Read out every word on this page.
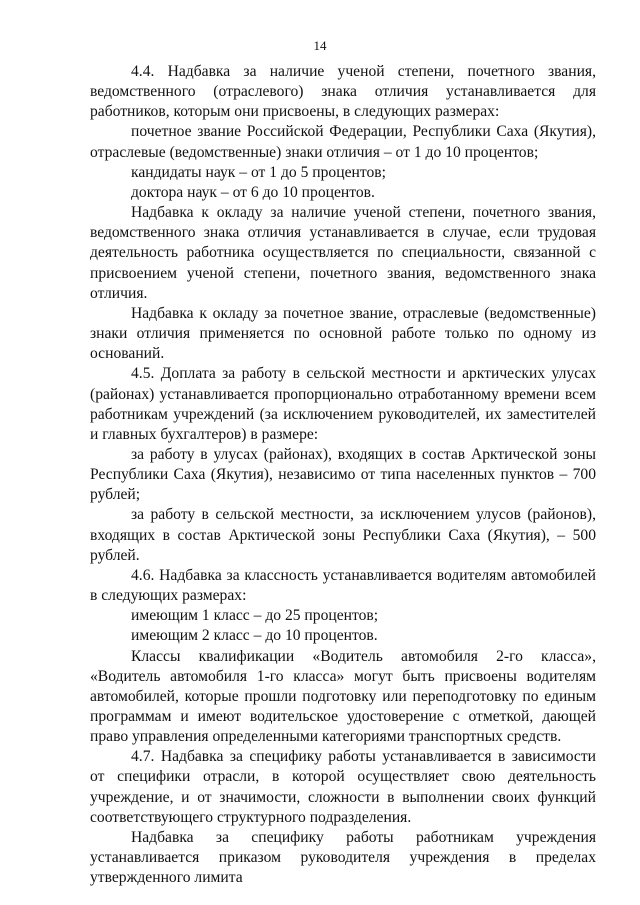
14

4.4. Надбавка за наличие ученой степени, почетного звания, ведомственного (отраслевого) знака отличия устанавливается для работников, которым они присвоены, в следующих размерах:

почетное звание Российской Федерации, Республики Саха (Якутия), отраслевые (ведомственные) знаки отличия – от 1 до 10 процентов;

кандидаты наук – от 1 до 5 процентов;

доктора наук – от 6 до 10 процентов.

Надбавка к окладу за наличие ученой степени, почетного звания, ведомственного знака отличия устанавливается в случае, если трудовая деятельность работника осуществляется по специальности, связанной с присвоением ученой степени, почетного звания, ведомственного знака отличия.

Надбавка к окладу за почетное звание, отраслевые (ведомственные) знаки отличия применяется по основной работе только по одному из оснований.

4.5. Доплата за работу в сельской местности и арктических улусах (районах) устанавливается пропорционально отработанному времени всем работникам учреждений (за исключением руководителей, их заместителей и главных бухгалтеров) в размере:

за работу в улусах (районах), входящих в состав Арктической зоны Республики Саха (Якутия), независимо от типа населенных пунктов – 700 рублей;

за работу в сельской местности, за исключением улусов (районов), входящих в состав Арктической зоны Республики Саха (Якутия), – 500 рублей.

4.6. Надбавка за классность устанавливается водителям автомобилей в следующих размерах:

имеющим 1 класс – до 25 процентов;

имеющим 2 класс – до 10 процентов.

Классы квалификации «Водитель автомобиля 2-го класса», «Водитель автомобиля 1-го класса» могут быть присвоены водителям автомобилей, которые прошли подготовку или переподготовку по единым программам и имеют водительское удостоверение с отметкой, дающей право управления определенными категориями транспортных средств.

4.7. Надбавка за специфику работы устанавливается в зависимости от специфики отрасли, в которой осуществляет свою деятельность учреждение, и от значимости, сложности в выполнении своих функций соответствующего структурного подразделения.

Надбавка за специфику работы работникам учреждения устанавливается приказом руководителя учреждения в пределах утвержденного лимита
